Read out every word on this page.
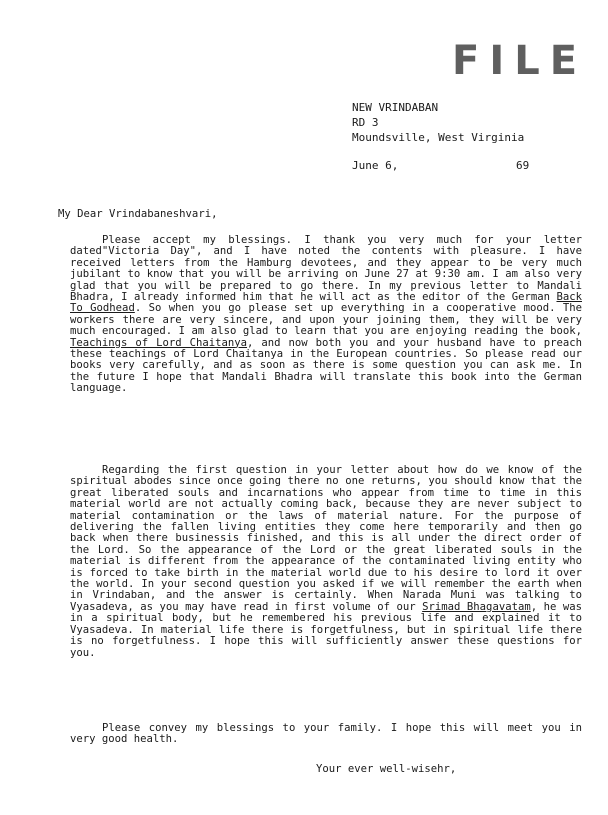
FILE
NEW VRINDABAN
RD 3
Moundsville, West Virginia
June 6,	69
My Dear Vrindabaneshvari,

Please accept my blessings. I thank you very much for your letter dated"Victoria Day", and I have noted the contents with pleasure. I have received letters from the Hamburg devotees, and they appear to be very much jubilant to know that you will be arriving on June 27 at 9:30 am. I am also very glad that you will be prepared to go there. In my previous letter to Mandali Bhadra, I already informed him that he will act as the editor of the German Back To Godhead. So when you go please set up everything in a cooperative mood. The workers there are very sincere, and upon your joining them, they will be very much encouraged. I am also glad to learn that you are enjoying reading the book, Teachings of Lord Chaitanya, and now both you and your husband have to preach these teachings of Lord Chaitanya in the European countries. So please read our books very carefully, and as soon as there is some question you can ask me. In the future I hope that Mandali Bhadra will translate this book into the German language.

Regarding the first question in your letter about how do we know of the spiritual abodes since once going there no one returns, you should know that the great liberated souls and incarnations who appear from time to time in this material world are not actually coming back, because they are never subject to material contamination or the laws of material nature. For the purpose of delivering the fallen living entities they come here temporarily and then go back when there businessis finished, and this is all under the direct order of the Lord. So the appearance of the Lord or the great liberated souls in the material is different from the appearance of the contaminated living entity who is forced to take birth in the material world due to his desire to lord it over the world. In your second question you asked if we will remember the earth when in Vrindaban, and the answer is certainly. When Narada Muni was talking to Vyasadeva, as you may have read in first volume of our Srimad Bhagavatam, he was in a spiritual body, but he remembered his previous life and explained it to Vyasadeva. In material life there is forgetfulness, but in spiritual life there is no forgetfulness. I hope this will sufficiently answer these questions for you.

Please convey my blessings to your family. I hope this will meet you in very good health.

Your ever well-wisehr,
